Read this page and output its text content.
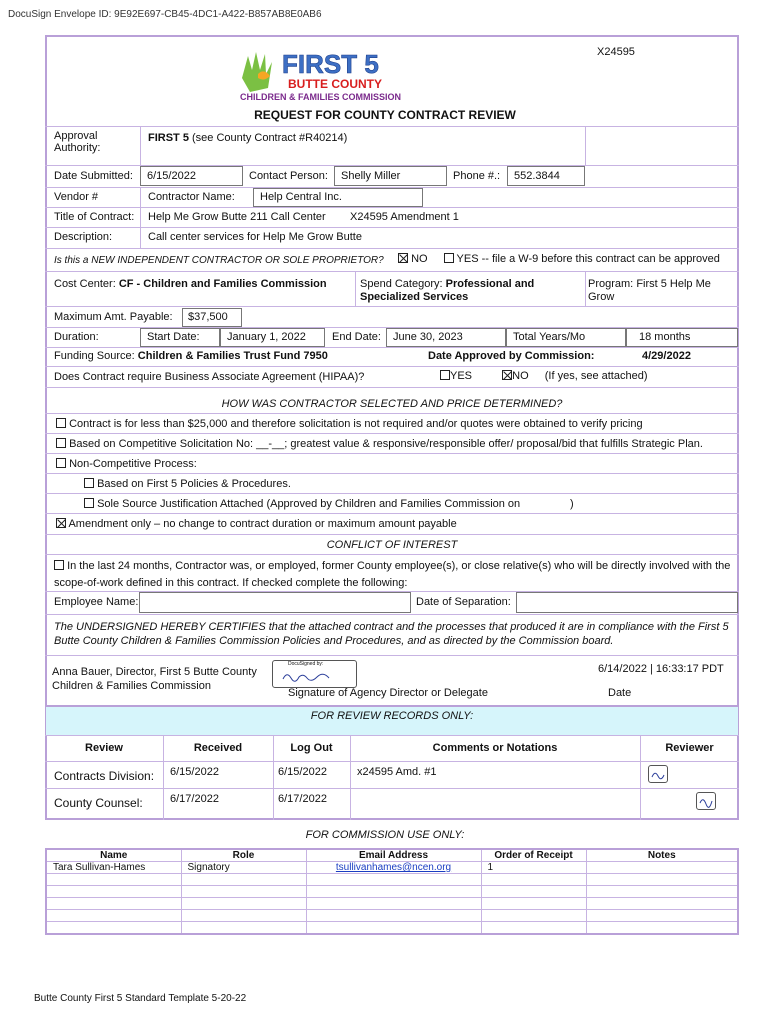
DocuSign Envelope ID: 9E92E697-CB45-4DC1-A422-B857AB8E0AB6
FIRST 5
BUTTE COUNTY
CHILDREN & FAMILIES COMMISSION
X24595
REQUEST FOR COUNTY CONTRACT REVIEW
Approval Authority:
FIRST 5 (see County Contract #R40214)
Date Submitted:	6/15/2022	Contact Person:	Shelly Miller	Phone #.:	552.3844
Vendor #	Contractor Name:	Help Central Inc.
Title of Contract: Help Me Grow Butte 211 Call Center X24595 Amendment 1
Description:	Call center services for Help Me Grow Butte
Is this a NEW INDEPENDENT CONTRACTOR OR SOLE PROPRIETOR?	NO	YES -- file a W-9 before this contract can be approved
Cost Center: CF - Children and Families Commission	Spend Category: Professional and Specialized Services
Program: First 5 Help Me Grow
Maximum Amt. Payable:	$37,500
Duration:	Start Date:	January 1, 2022	End Date:	June 30, 2023	Total Years/Mo	18 months
Funding Source: Children & Families Trust Fund 7950	Date Approved by Commission:	4/29/2022
Does Contract require Business Associate Agreement (HIPAA)?	YES	NO (If yes, see attached)
HOW WAS CONTRACTOR SELECTED AND PRICE DETERMINED?
Contract is for less than $25,000 and therefore solicitation is not required and/or quotes were obtained to verify pricing
Based on Competitive Solicitation No: __-__; greatest value & responsive/responsible offer/ proposal/bid that fulfills Strategic Plan.
Non-Competitive Process:
Based on First 5 Policies & Procedures.
Sole Source Justification Attached (Approved by Children and Families Commission on	)
Amendment only – no change to contract duration or maximum amount payable
CONFLICT OF INTEREST
In the last 24 months, Contractor was, or employed, former County employee(s), or close relative(s) who will be directly involved with the scope-of-work defined in this contract. If checked complete the following:
Employee Name:	Date of Separation:
The UNDERSIGNED HEREBY CERTIFIES that the attached contract and the processes that produced it are in compliance with the First 5 Butte County Children & Families Commission Policies and Procedures, and as directed by the Commission board.
Anna Bauer, Director, First 5 Butte County Children & Families Commission
DocuSigned by:
Signature of Agency Director or Delegate
6/14/2022 | 16:33:17 PDT
Date
FOR REVIEW RECORDS ONLY:
Review	Received	Log Out	Comments or Notations	Reviewer
Contracts Division: 6/15/2022	6/15/2022	x24595 Amd. #1
County Counsel: 6/17/2022	6/17/2022
FOR COMMISSION USE ONLY:
Name	Role	Email Address	Order of Receipt	Notes
Tara Sullivan-Hames	Signatory	tsullivanhames@ncen.org	1	

Butte County First 5 Standard Template 5-20-22
